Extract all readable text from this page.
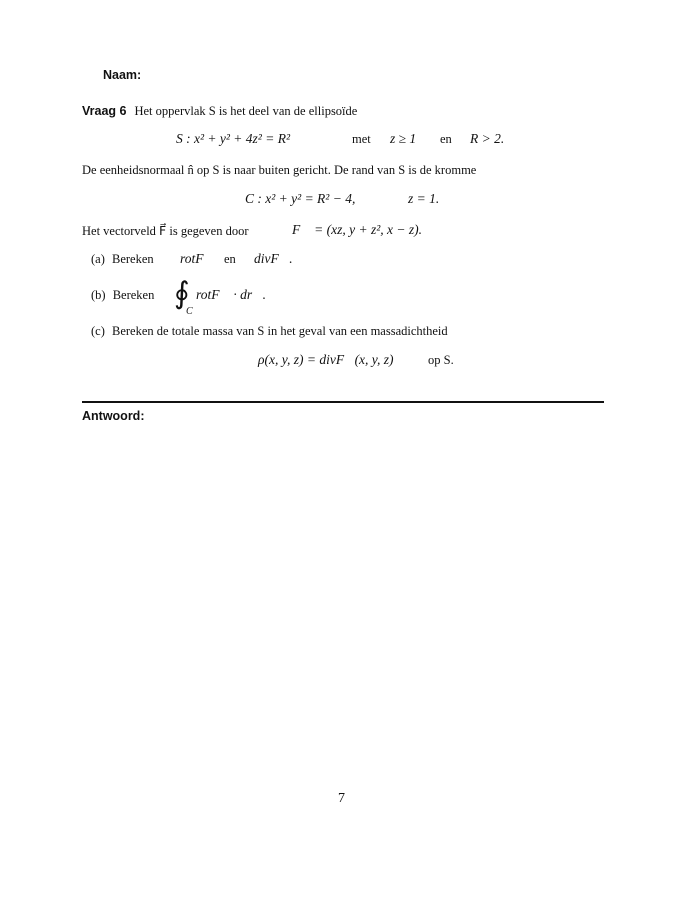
Naam:
Vraag 6 Het oppervlak S is het deel van de ellipsoïde
S : x² + y² + 4z² = R²	met z ≥ 1 en R > 2.
De eenheidsnormaal n̂ op S is naar buiten gericht. De rand van S is de kromme
C : x² + y² = R² − 4,	z = 1.
Het vectorveld F⃗ is gegeven door	F⃗ = (xz, y + z², x − z).
(a) Bereken rotF⃗ en divF⃗.
(b) Bereken ∮
C
rotF⃗ · dr⃗.
(c) Bereken de totale massa van S in het geval van een massadichtheid
ρ(x, y, z) = divF⃗(x, y, z)	op S.
Antwoord:
7
